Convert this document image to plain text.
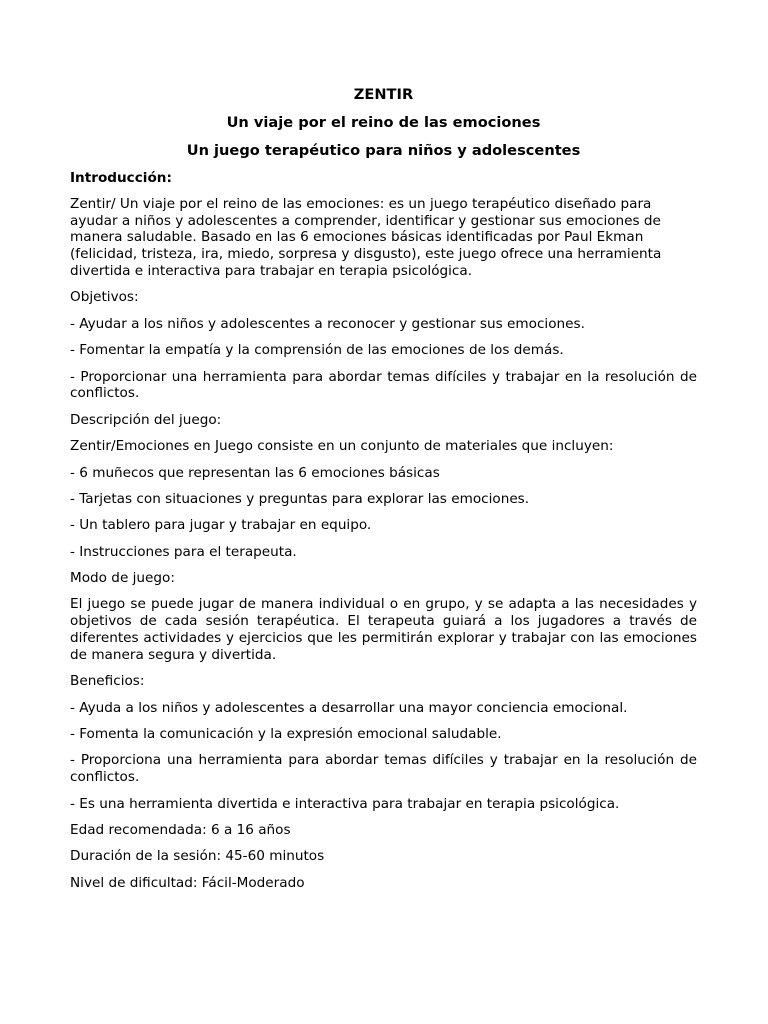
ZENTIR
Un viaje por el reino de las emociones
Un juego terapéutico para niños y adolescentes
Introducción:
Zentir/ Un viaje por el reino de las emociones: es un juego terapéutico diseñado para ayudar a niños y adolescentes a comprender, identificar y gestionar sus emociones de manera saludable. Basado en las 6 emociones básicas identificadas por Paul Ekman (felicidad, tristeza, ira, miedo, sorpresa y disgusto), este juego ofrece una herramienta divertida e interactiva para trabajar en terapia psicológica.
Objetivos:
- Ayudar a los niños y adolescentes a reconocer y gestionar sus emociones.
- Fomentar la empatía y la comprensión de las emociones de los demás.
- Proporcionar una herramienta para abordar temas difíciles y trabajar en la resolución de conflictos.
Descripción del juego:
Zentir/Emociones en Juego consiste en un conjunto de materiales que incluyen:
- 6 muñecos que representan las 6 emociones básicas
- Tarjetas con situaciones y preguntas para explorar las emociones.
- Un tablero para jugar y trabajar en equipo.
- Instrucciones para el terapeuta.
Modo de juego:
El juego se puede jugar de manera individual o en grupo, y se adapta a las necesidades y objetivos de cada sesión terapéutica. El terapeuta guiará a los jugadores a través de diferentes actividades y ejercicios que les permitirán explorar y trabajar con las emociones de manera segura y divertida.
Beneficios:
- Ayuda a los niños y adolescentes a desarrollar una mayor conciencia emocional.
- Fomenta la comunicación y la expresión emocional saludable.
- Proporciona una herramienta para abordar temas difíciles y trabajar en la resolución de conflictos.
- Es una herramienta divertida e interactiva para trabajar en terapia psicológica.
Edad recomendada: 6 a 16 años
Duración de la sesión: 45-60 minutos
Nivel de dificultad: Fácil-Moderado
